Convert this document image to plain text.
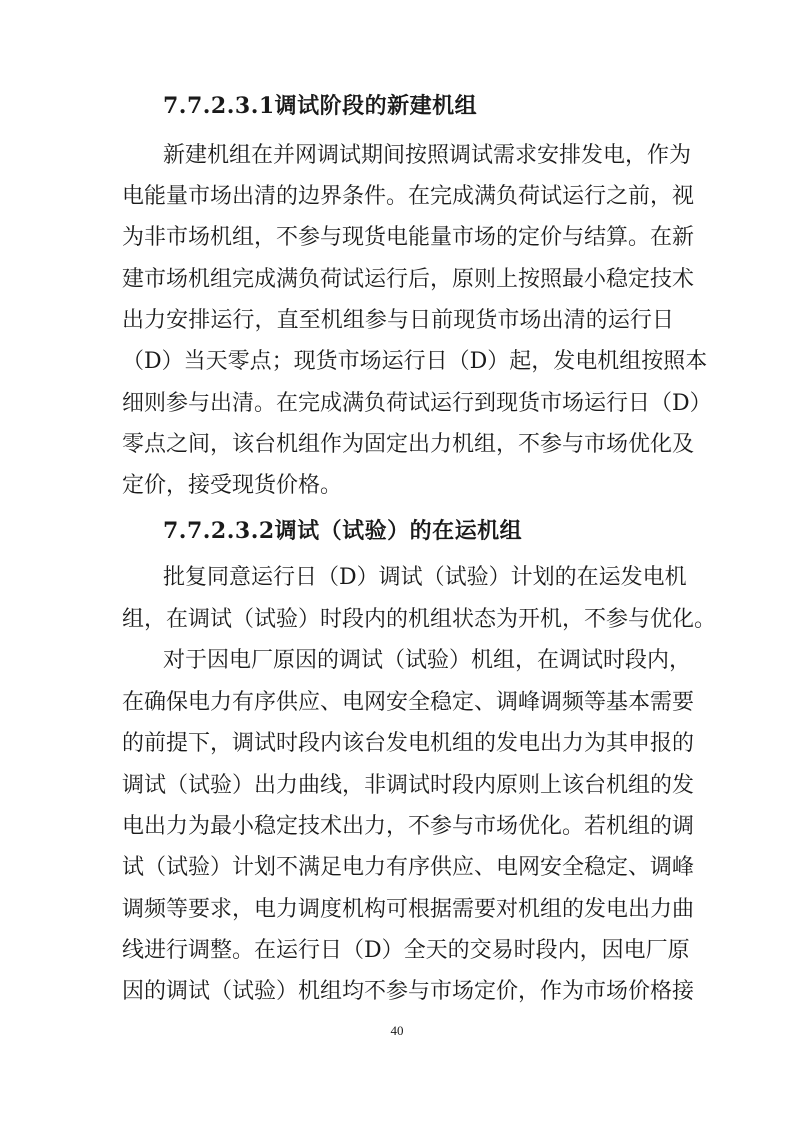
7.7.2.3.1调试阶段的新建机组
新建机组在并网调试期间按照调试需求安排发电，作为
电能量市场出清的边界条件。在完成满负荷试运行之前，视
为非市场机组，不参与现货电能量市场的定价与结算。在新
建市场机组完成满负荷试运行后，原则上按照最小稳定技术
出力安排运行，直至机组参与日前现货市场出清的运行日
（D）当天零点；现货市场运行日（D）起，发电机组按照本
细则参与出清。在完成满负荷试运行到现货市场运行日（D）
零点之间，该台机组作为固定出力机组，不参与市场优化及
定价，接受现货价格。
7.7.2.3.2调试（试验）的在运机组
批复同意运行日（D）调试（试验）计划的在运发电机
组，在调试（试验）时段内的机组状态为开机，不参与优化。
对于因电厂原因的调试（试验）机组，在调试时段内，
在确保电力有序供应、电网安全稳定、调峰调频等基本需要
的前提下，调试时段内该台发电机组的发电出力为其申报的
调试（试验）出力曲线，非调试时段内原则上该台机组的发
电出力为最小稳定技术出力，不参与市场优化。若机组的调
试（试验）计划不满足电力有序供应、电网安全稳定、调峰
调频等要求，电力调度机构可根据需要对机组的发电出力曲
线进行调整。在运行日（D）全天的交易时段内，因电厂原
因的调试（试验）机组均不参与市场定价，作为市场价格接
40
